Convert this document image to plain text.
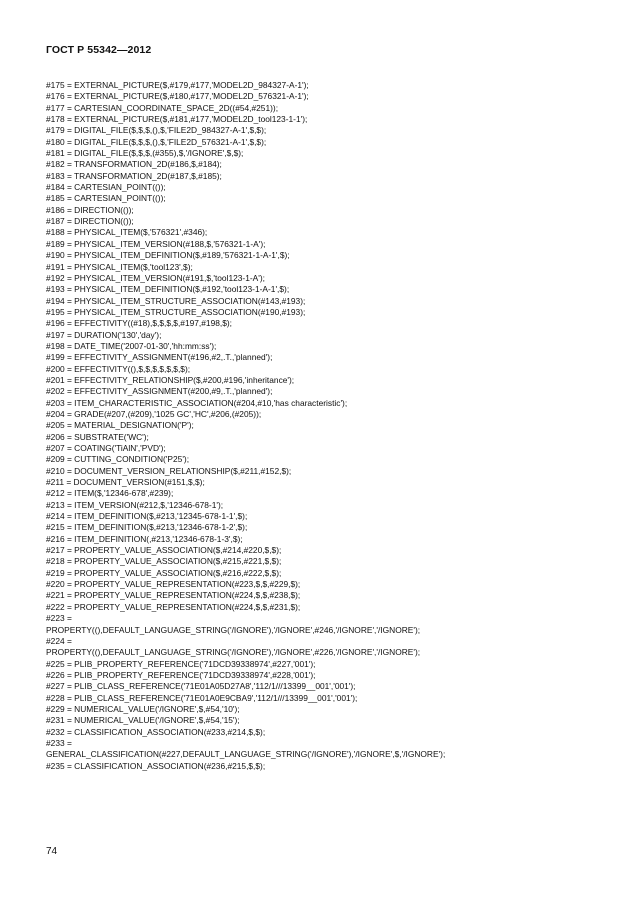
ГОСТ Р 55342—2012
#175 = EXTERNAL_PICTURE($,#179,#177,'MODEL2D_984327-A-1');
#176 = EXTERNAL_PICTURE($,#180,#177,'MODEL2D_576321-A-1');
#177 = CARTESIAN_COORDINATE_SPACE_2D((#54,#251));
#178 = EXTERNAL_PICTURE($,#181,#177,'MODEL2D_tool123-1-1');
#179 = DIGITAL_FILE($,$,$,(),$,'FILE2D_984327-A-1',$,$);
#180 = DIGITAL_FILE($,$,$,(),$,'FILE2D_576321-A-1',$,$);
#181 = DIGITAL_FILE($,$,$,(#355),$,'/IGNORE',$,$);
#182 = TRANSFORMATION_2D(#186,$,#184);
#183 = TRANSFORMATION_2D(#187,$,#185);
#184 = CARTESIAN_POINT(());
#185 = CARTESIAN_POINT(());
#186 = DIRECTION(());
#187 = DIRECTION(());
#188 = PHYSICAL_ITEM($,'576321',#346);
#189 = PHYSICAL_ITEM_VERSION(#188,$,'576321-1-A');
#190 = PHYSICAL_ITEM_DEFINITION($,#189,'576321-1-A-1',$);
#191 = PHYSICAL_ITEM($,'tool123',$);
#192 = PHYSICAL_ITEM_VERSION(#191,$,'tool123-1-A');
#193 = PHYSICAL_ITEM_DEFINITION($,#192,'tool123-1-A-1',$);
#194 = PHYSICAL_ITEM_STRUCTURE_ASSOCIATION(#143,#193);
#195 = PHYSICAL_ITEM_STRUCTURE_ASSOCIATION(#190,#193);
#196 = EFFECTIVITY((#18),$,$,$,$,#197,#198,$);
#197 = DURATION('130','day');
#198 = DATE_TIME('2007-01-30','hh:mm:ss');
#199 = EFFECTIVITY_ASSIGNMENT(#196,#2,.T.,'planned');
#200 = EFFECTIVITY((),$,$,$,$,$,$,$);
#201 = EFFECTIVITY_RELATIONSHIP($,#200,#196,'inheritance');
#202 = EFFECTIVITY_ASSIGNMENT(#200,#9,.T.,'planned');
#203 = ITEM_CHARACTERISTIC_ASSOCIATION(#204,#10,'has characteristic');
#204 = GRADE(#207,(#209),'1025 GC','HC',#206,(#205));
#205 = MATERIAL_DESIGNATION('P');
#206 = SUBSTRATE('WC');
#207 = COATING('TiAlN','PVD');
#209 = CUTTING_CONDITION('P25');
#210 = DOCUMENT_VERSION_RELATIONSHIP($,#211,#152,$);
#211 = DOCUMENT_VERSION(#151,$,$);
#212 = ITEM($,'12346-678',#239);
#213 = ITEM_VERSION(#212,$,'12346-678-1');
#214 = ITEM_DEFINITION($,#213,'12345-678-1-1',$);
#215 = ITEM_DEFINITION($,#213,'12346-678-1-2',$);
#216 = ITEM_DEFINITION(,#213,'12346-678-1-3',$);
#217 = PROPERTY_VALUE_ASSOCIATION($,#214,#220,$,$);
#218 = PROPERTY_VALUE_ASSOCIATION($,#215,#221,$,$);
#219 = PROPERTY_VALUE_ASSOCIATION($,#216,#222,$,$);
#220 = PROPERTY_VALUE_REPRESENTATION(#223,$,$,#229,$);
#221 = PROPERTY_VALUE_REPRESENTATION(#224,$,$,#238,$);
#222 = PROPERTY_VALUE_REPRESENTATION(#224,$,$,#231,$);
#223 =
PROPERTY((),DEFAULT_LANGUAGE_STRING('/IGNORE'),'/IGNORE',#246,'/IGNORE','/IGNORE');
#224 =
PROPERTY((),DEFAULT_LANGUAGE_STRING('/IGNORE'),'/IGNORE',#226,'/IGNORE','/IGNORE');
#225 = PLIB_PROPERTY_REFERENCE('71DCD39338974',#227,'001');
#226 = PLIB_PROPERTY_REFERENCE('71DCD39338974',#228,'001');
#227 = PLIB_CLASS_REFERENCE('71E01A05D27A8','112/1///13399__001','001');
#228 = PLIB_CLASS_REFERENCE('71E01A0E9CBA9','112/1///13399__001','001');
#229 = NUMERICAL_VALUE('/IGNORE',$,#54,'10');
#231 = NUMERICAL_VALUE('/IGNORE',$,#54,'15');
#232 = CLASSIFICATION_ASSOCIATION(#233,#214,$,$);
#233 =
GENERAL_CLASSIFICATION(#227,DEFAULT_LANGUAGE_STRING('/IGNORE'),'/IGNORE',$,'/IGNORE');
#235 = CLASSIFICATION_ASSOCIATION(#236,#215,$,$);
74
